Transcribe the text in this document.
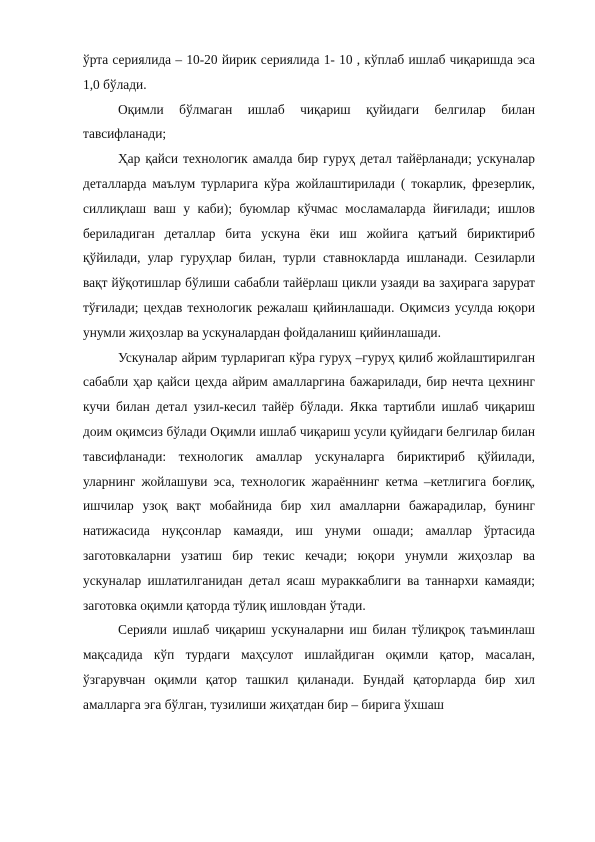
ўрта сериялида – 10-20 йирик сериялида 1- 10 , кўплаб ишлаб чиқаришда эса 1,0 бўлади.

Оқимли бўлмаган ишлаб чиқариш қуйидаги белгилар билан тавсифланади;

Ҳар қайси технологик амалда бир гуруҳ детал тайёрланади; ускуналар деталларда маълум турларига кўра жойлаштирилади ( токарлик, фрезерлик, силлиқлаш ваш у каби); буюмлар кўчмас мосламаларда йиғилади; ишлов бериладиган деталлар бита ускуна ёки иш жойига қатъий бириктириб қўйилади, улар гуруҳлар билан, турли ставнокларда ишланади. Сезиларли вақт йўқотишлар бўлиши сабабли тайёрлаш цикли узаяди ва заҳирага зарурат тўғилади; цехдав технологик режалаш қийинлашади. Оқимсиз усулда юқори унумли жиҳозлар ва ускуналардан фойдаланиш қийинлашади.

Ускуналар айрим турларигап кўра гуруҳ –гуруҳ қилиб жойлаштирилган сабабли ҳар қайси цехда айрим амалларгина бажарилади, бир нечта цехнинг кучи билан детал узил-кесил тайёр бўлади. Якка тартибли ишлаб чиқариш доим оқимсиз бўлади Оқимли ишлаб чиқариш усули қуйидаги белгилар билан тавсифланади: технологик амаллар ускуналарга бириктириб қўйилади, уларнинг жойлашуви эса, технологик жараённинг кетма –кетлигига боғлиқ, ишчилар узоқ вақт мобайнида бир хил амалларни бажарадилар, бунинг натижасида нуқсонлар камаяди, иш унуми ошади; амаллар ўртасида заготовкаларни узатиш бир текис кечади; юқори унумли жиҳозлар ва ускуналар ишлатилганидан детал ясаш мураккаблиги ва таннархи камаяди; заготовка оқимли қаторда тўлиқ ишловдан ўтади.

Серияли ишлаб чиқариш ускуналарни иш билан тўлиқроқ таъминлаш мақсадида кўп турдаги маҳсулот ишлайдиган оқимли қатор, масалан, ўзгарувчан оқимли қатор ташкил қиланади. Бундай қаторларда бир хил амалларга эга бўлган, тузилиши жиҳатдан бир – бирига ўхшаш
